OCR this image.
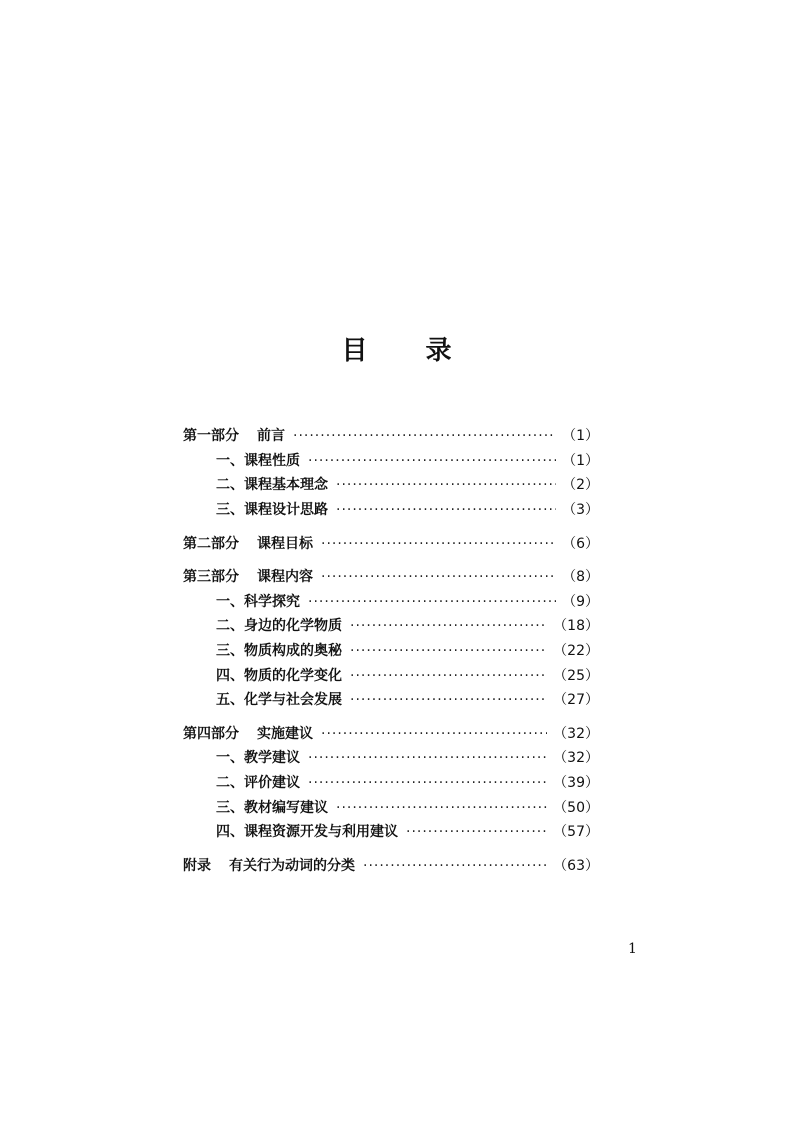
目 录
第一部分 前言 ·····	（1）
一、课程性质 ·····	（1）
二、课程基本理念 ·····	（2）
三、课程设计思路 ·····	（3）
第二部分 课程目标 ·····	（6）
第三部分 课程内容 ·····	（8）
一、科学探究 ·····	（9）
二、身边的化学物质 ·····	（18）
三、物质构成的奥秘 ·····	（22）
四、物质的化学变化 ·····	（25）
五、化学与社会发展 ·····	（27）
第四部分 实施建议 ·····	（32）
一、教学建议 ·····	（32）
二、评价建议 ·····	（39）
三、教材编写建议 ·····	（50）
四、课程资源开发与利用建议 ·····	（57）
附录 有关行为动词的分类 ·····	（63）
1
